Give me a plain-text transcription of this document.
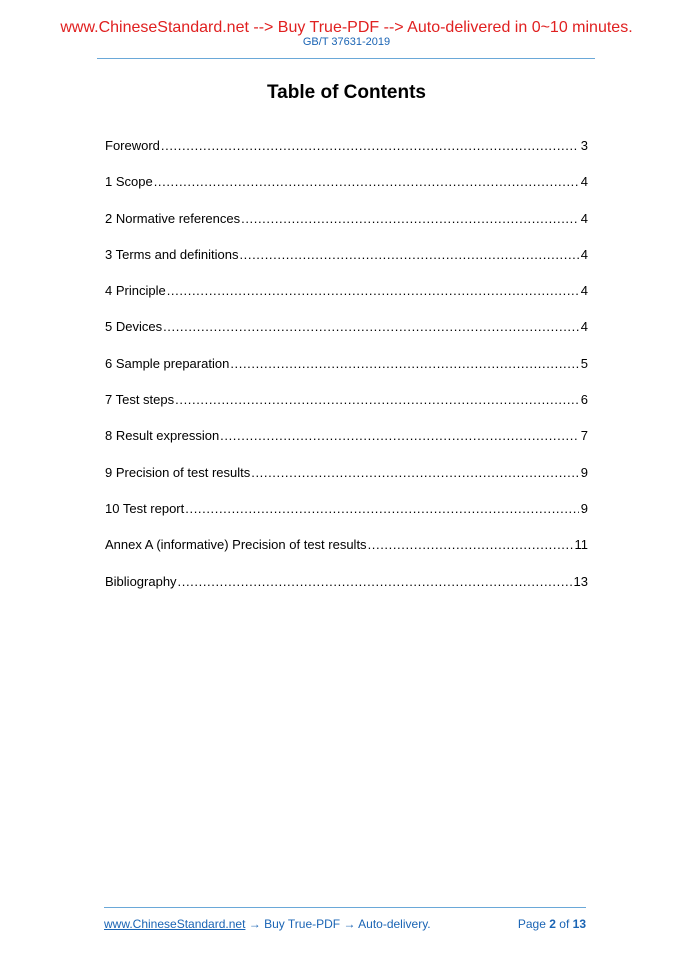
www.ChineseStandard.net --> Buy True-PDF --> Auto-delivered in 0~10 minutes.
GB/T 37631-2019
Table of Contents
Foreword .....	3
1 Scope .....	4
2 Normative references .....	4
3 Terms and definitions .....	4
4 Principle .....	4
5 Devices .....	4
6 Sample preparation .....	5
7 Test steps .....	6
8 Result expression .....	7
9 Precision of test results .....	9
10 Test report .....	9
Annex A (informative) Precision of test results .....	11
Bibliography .....	13
www.ChineseStandard.net → Buy True-PDF → Auto-delivery.	Page 2 of 13
